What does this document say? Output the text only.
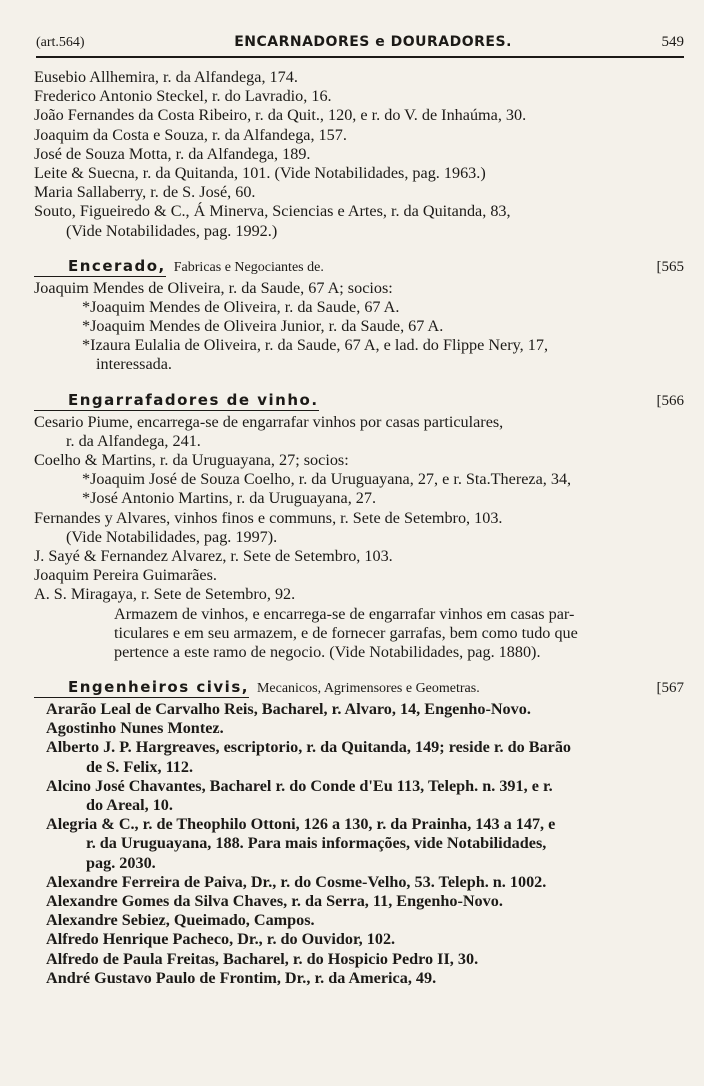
(art.564)	ENCARNADORES e DOURADORES.	549
Eusebio Allhemira, r. da Alfandega, 174.
Frederico Antonio Steckel, r. do Lavradio, 16.
João Fernandes da Costa Ribeiro, r. da Quit., 120, e r. do V. de Inhaúma, 30.
Joaquim da Costa e Souza, r. da Alfandega, 157.
José de Souza Motta, r. da Alfandega, 189.
Leite & Suecna, r. da Quitanda, 101. (Vide Notabilidades, pag. 1963.)
Maria Sallaberry, r. de S. José, 60.
Souto, Figueiredo & C., Á Minerva, Sciencias e Artes, r. da Quitanda, 83,
(Vide Notabilidades, pag. 1992.)
Encerado, Fabricas e Negociantes de.	[565
Joaquim Mendes de Oliveira, r. da Saude, 67 A; socios:
*Joaquim Mendes de Oliveira, r. da Saude, 67 A.
*Joaquim Mendes de Oliveira Junior, r. da Saude, 67 A.
*Izaura Eulalia de Oliveira, r. da Saude, 67 A, e lad. do Flippe Nery, 17,
interessada.
Engarrafadores de vinho.	[566
Cesario Piume, encarrega-se de engarrafar vinhos por casas particulares,
r. da Alfandega, 241.
Coelho & Martins, r. da Uruguayana, 27; socios:
*Joaquim José de Souza Coelho, r. da Uruguayana, 27, e r. Sta.Thereza, 34,
*José Antonio Martins, r. da Uruguayana, 27.
Fernandes y Alvares, vinhos finos e communs, r. Sete de Setembro, 103.
(Vide Notabilidades, pag. 1997).
J. Sayé & Fernandez Alvarez, r. Sete de Setembro, 103.
Joaquim Pereira Guimarães.
A. S. Miragaya, r. Sete de Setembro, 92.
Armazem de vinhos, e encarrega-se de engarrafar vinhos em casas par-
ticulares e em seu armazem, e de fornecer garrafas, bem como tudo que
pertence a este ramo de negocio. (Vide Notabilidades, pag. 1880).
Engenheiros civis, Mecanicos, Agrimensores e Geometras.	[567
Ararão Leal de Carvalho Reis, Bacharel, r. Alvaro, 14, Engenho-Novo.
Agostinho Nunes Montez.
Alberto J. P. Hargreaves, escriptorio, r. da Quitanda, 149; reside r. do Barão
de S. Felix, 112.
Alcino José Chavantes, Bacharel r. do Conde d'Eu 113, Teleph. n. 391, e r.
do Areal, 10.
Alegria & C., r. de Theophilo Ottoni, 126 a 130, r. da Prainha, 143 a 147, e
r. da Uruguayana, 188. Para mais informações, vide Notabilidades,
pag. 2030.
Alexandre Ferreira de Paiva, Dr., r. do Cosme-Velho, 53. Teleph. n. 1002.
Alexandre Gomes da Silva Chaves, r. da Serra, 11, Engenho-Novo.
Alexandre Sebiez, Queimado, Campos.
Alfredo Henrique Pacheco, Dr., r. do Ouvidor, 102.
Alfredo de Paula Freitas, Bacharel, r. do Hospicio Pedro II, 30.
André Gustavo Paulo de Frontim, Dr., r. da America, 49.
